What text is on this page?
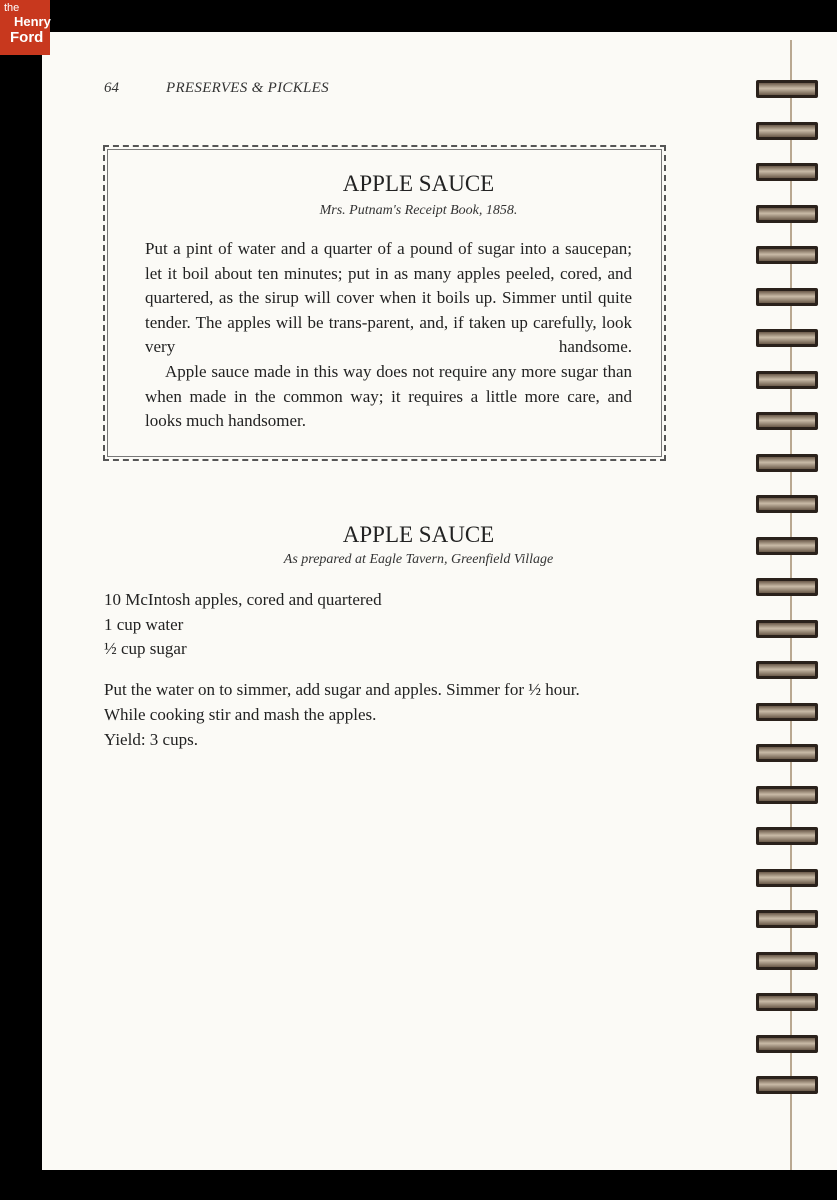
the
Henry
Ford
64	PRESERVES & PICKLES
APPLE SAUCE
Mrs. Putnam's Receipt Book, 1858.
Put a pint of water and a quarter of a pound of sugar into a saucepan; let it boil about ten minutes; put in as many apples peeled, cored, and quartered, as the sirup will cover when it boils up. Simmer until quite tender. The apples will be trans-parent, and, if taken up carefully, look very handsome.
Apple sauce made in this way does not require any more sugar than when made in the common way; it requires a little more care, and looks much handsomer.
APPLE SAUCE
As prepared at Eagle Tavern, Greenfield Village
10 McIntosh apples, cored and quartered
1 cup water
½ cup sugar
Put the water on to simmer, add sugar and apples. Simmer for ½ hour.
While cooking stir and mash the apples.
Yield: 3 cups.
